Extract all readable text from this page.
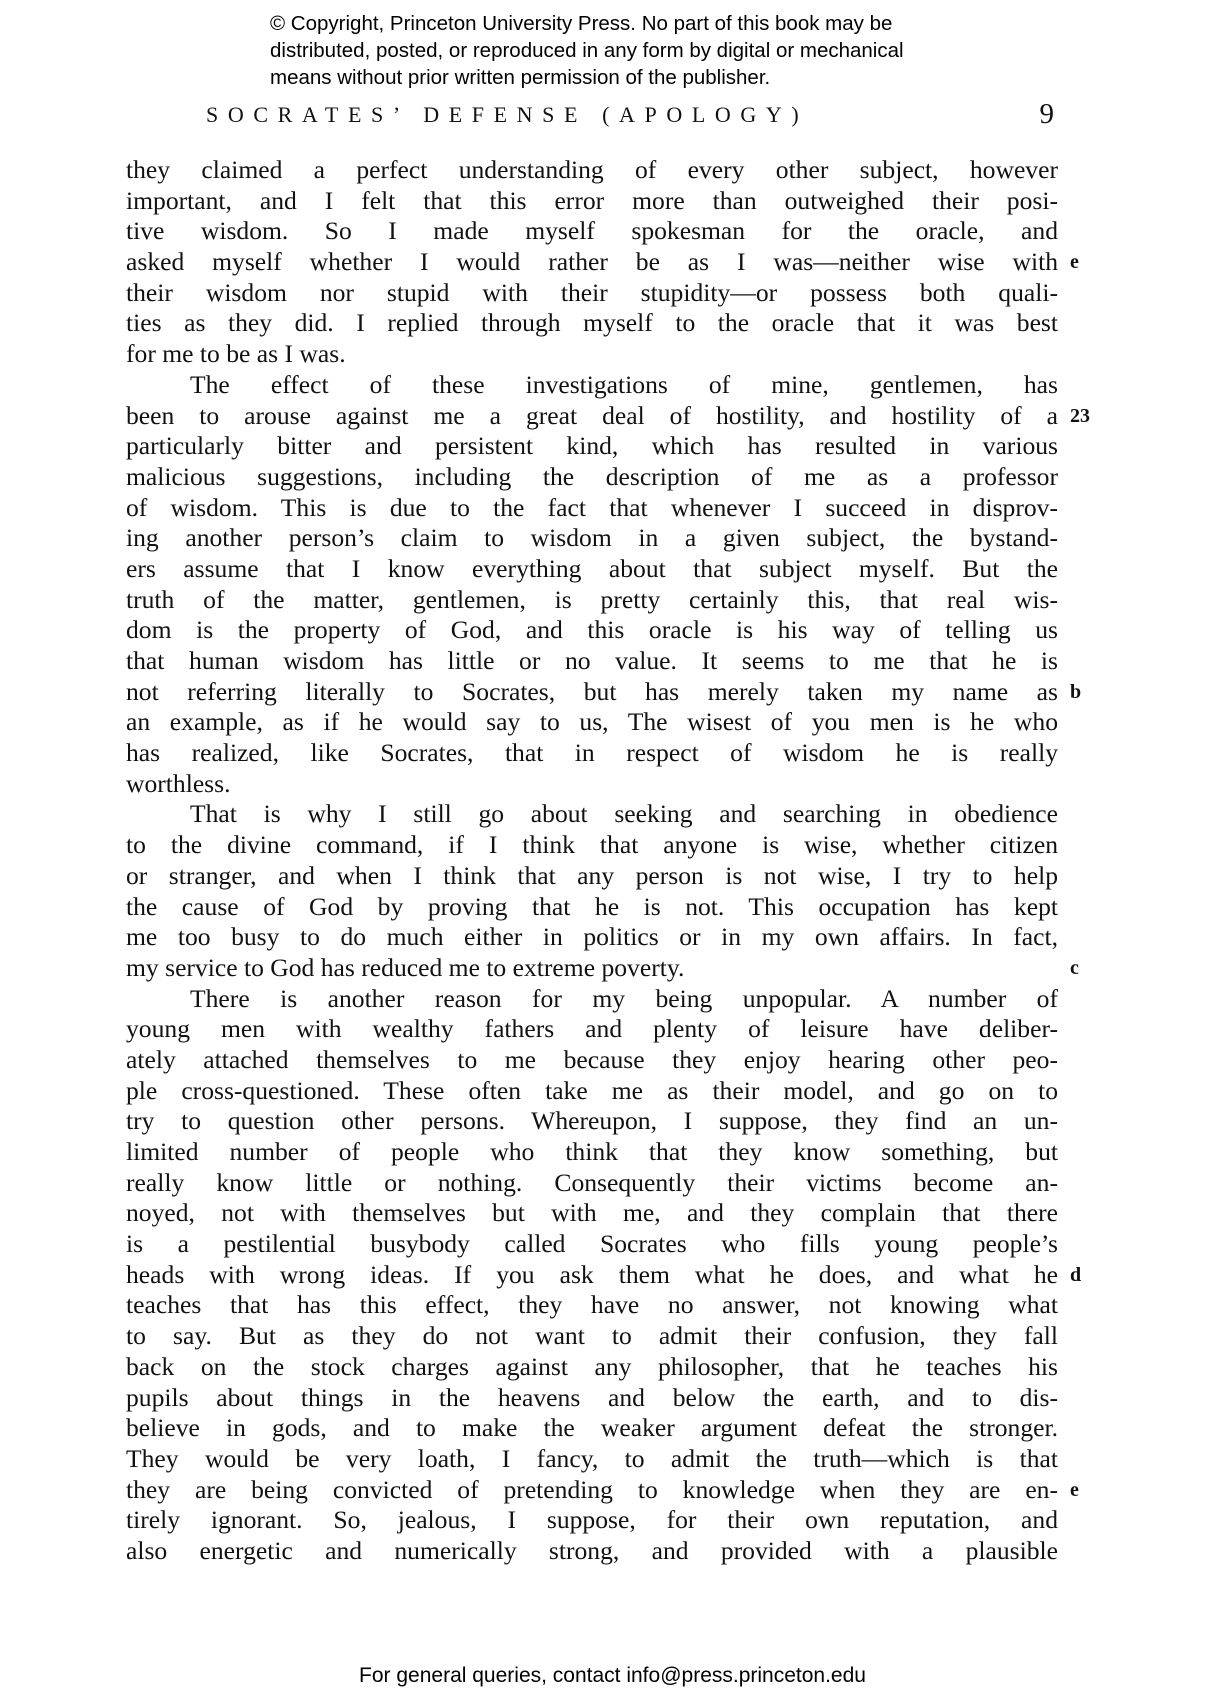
© Copyright, Princeton University Press. No part of this book may be
distributed, posted, or reproduced in any form by digital or mechanical
means without prior written permission of the publisher.
SOCRATES’ DEFENSE (APOLOGY)	9
they claimed a perfect understanding of every other subject, however
important, and I felt that this error more than outweighed their posi-
tive wisdom. So I made myself spokesman for the oracle, and
asked myself whether I would rather be as I was—neither wise with
their wisdom nor stupid with their stupidity—or possess both quali-
ties as they did. I replied through myself to the oracle that it was best
for me to be as I was.
The effect of these investigations of mine, gentlemen, has
been to arouse against me a great deal of hostility, and hostility of a
particularly bitter and persistent kind, which has resulted in various
malicious suggestions, including the description of me as a professor
of wisdom. This is due to the fact that whenever I succeed in disprov-
ing another person’s claim to wisdom in a given subject, the bystand-
ers assume that I know everything about that subject myself. But the
truth of the matter, gentlemen, is pretty certainly this, that real wis-
dom is the property of God, and this oracle is his way of telling us
that human wisdom has little or no value. It seems to me that he is
not referring literally to Socrates, but has merely taken my name as
an example, as if he would say to us, The wisest of you men is he who
has realized, like Socrates, that in respect of wisdom he is really
worthless.
That is why I still go about seeking and searching in obedience
to the divine command, if I think that anyone is wise, whether citizen
or stranger, and when I think that any person is not wise, I try to help
the cause of God by proving that he is not. This occupation has kept
me too busy to do much either in politics or in my own affairs. In fact,
my service to God has reduced me to extreme poverty.
There is another reason for my being unpopular. A number of
young men with wealthy fathers and plenty of leisure have deliber-
ately attached themselves to me because they enjoy hearing other peo-
ple cross-questioned. These often take me as their model, and go on to
try to question other persons. Whereupon, I suppose, they find an un-
limited number of people who think that they know something, but
really know little or nothing. Consequently their victims become an-
noyed, not with themselves but with me, and they complain that there
is a pestilential busybody called Socrates who fills young people’s
heads with wrong ideas. If you ask them what he does, and what he
teaches that has this effect, they have no answer, not knowing what
to say. But as they do not want to admit their confusion, they fall
back on the stock charges against any philosopher, that he teaches his
pupils about things in the heavens and below the earth, and to dis-
believe in gods, and to make the weaker argument defeat the stronger.
They would be very loath, I fancy, to admit the truth—which is that
they are being convicted of pretending to knowledge when they are en-
tirely ignorant. So, jealous, I suppose, for their own reputation, and
also energetic and numerically strong, and provided with a plausible
e
23
b
c
d
e
For general queries, contact info@press.princeton.edu
